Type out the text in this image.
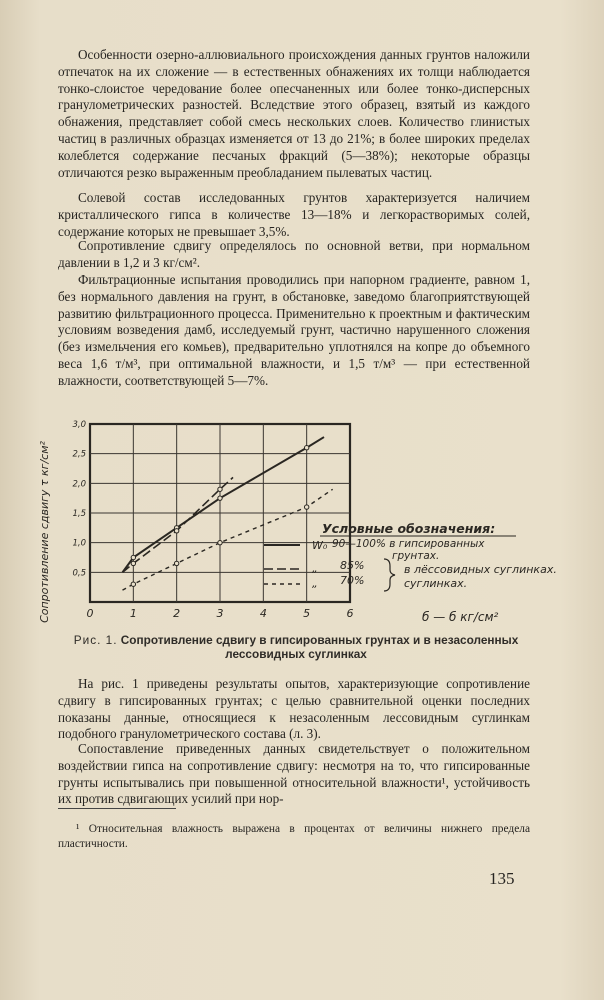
Особенности озерно-аллювиального происхождения данных грунтов наложили отпечаток на их сложение — в естественных обнажениях их толщи наблюдается тонко-слоистое чередование более опесчаненных или более тонко-дисперсных гранулометрических разностей. Вследствие этого образец, взятый из каждого обнажения, представляет собой смесь нескольких слоев. Количество глинистых частиц в различных образцах изменяется от 13 до 21%; в более широких пределах колеблется содержание песчаных фракций (5—38%); некоторые образцы отличаются резко выраженным преобладанием пылеватых частиц.

Солевой состав исследованных грунтов характеризуется наличием кристаллического гипса в количестве 13—18% и легкорастворимых солей, содержание которых не превышает 3,5%.

Сопротивление сдвигу определялось по основной ветви, при нормальном давлении в 1,2 и 3 кг/см².

Фильтрационные испытания проводились при напорном градиенте, равном 1, без нормального давления на грунт, в обстановке, заведомо благоприятствующей развитию фильтрационного процесса. Применительно к проектным и фактическим условиям возведения дамб, исследуемый грунт, частично нарушенного сложения (без измельчения его комьев), предварительно уплотнялся на копре до объемного веса 1,6 т/м³, при оптимальной влажности, и 1,5 т/м³ — при естественной влажности, соответствующей 5—7%.

0	1	2	3	4	5	6
0,5
1,0
1,5
2,0
2,5
3,0
Сопротивление сдвигу τ кг/см²	б — б кг/см²
Условные обозначения:
W₀ 90—100% в гипсированных
грунтах.
„ 85%
„ 70%
в лёссовидных суглинках.
суглинках.
Рис. 1. Сопротивление сдвигу в гипсированных грунтах и в незасоленных лессовидных суглинках

На рис. 1 приведены результаты опытов, характеризующие сопротивление сдвигу в гипсированных грунтах; с целью сравнительной оценки последних показаны данные, относящиеся к незасоленным лессовидным суглинкам подобного гранулометрического состава (л. 3).

Сопоставление приведенных данных свидетельствует о положительном воздействии гипса на сопротивление сдвигу: несмотря на то, что гипсированные грунты испытывались при повышенной относительной влажности¹, устойчивость их против сдвигающих усилий при нор-

¹ Относительная влажность выражена в процентах от величины нижнего предела пластичности.

135
